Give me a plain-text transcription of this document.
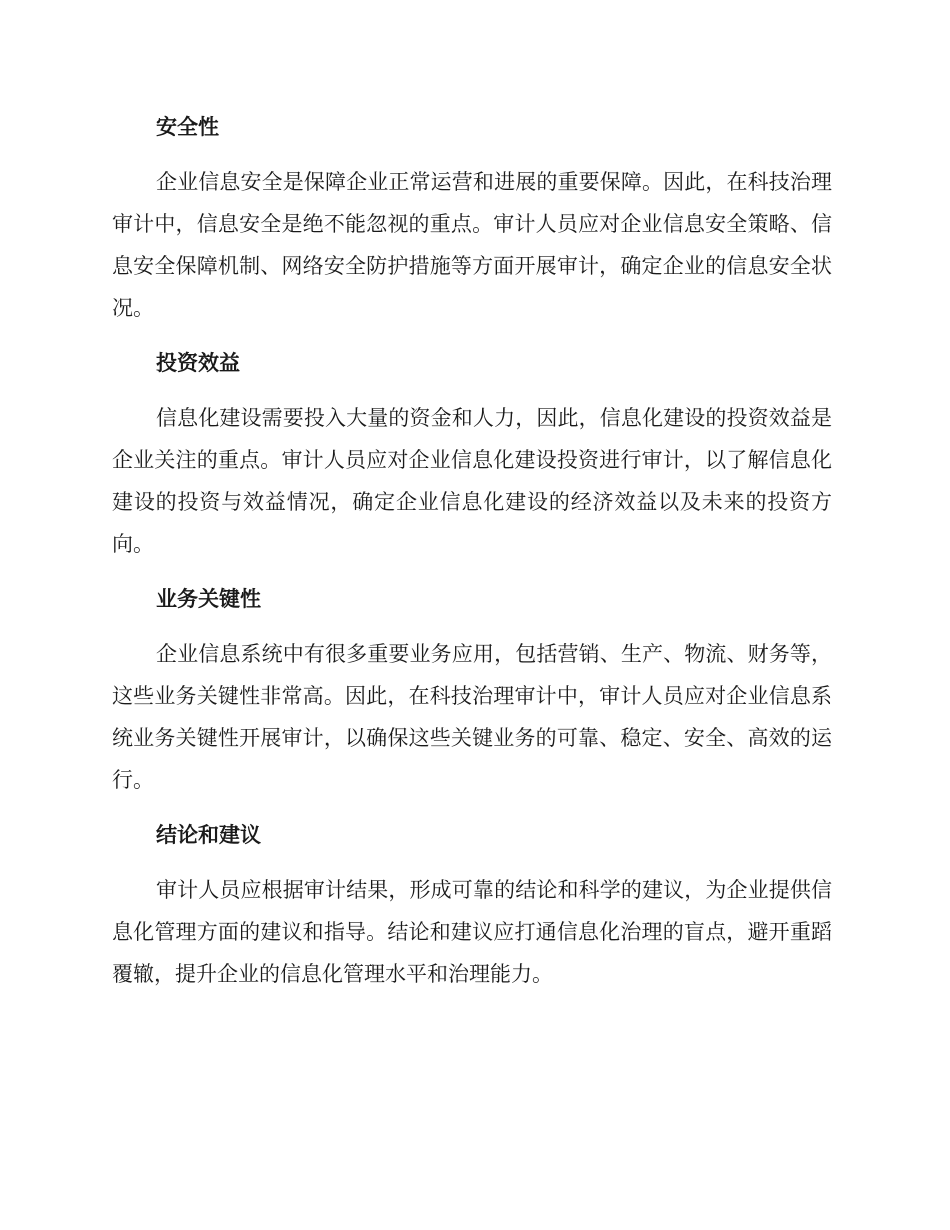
安全性

企业信息安全是保障企业正常运营和进展的重要保障。因此，在科技治理审计中，信息安全是绝不能忽视的重点。审计人员应对企业信息安全策略、信息安全保障机制、网络安全防护措施等方面开展审计，确定企业的信息安全状况。

投资效益

信息化建设需要投入大量的资金和人力，因此，信息化建设的投资效益是企业关注的重点。审计人员应对企业信息化建设投资进行审计，以了解信息化建设的投资与效益情况，确定企业信息化建设的经济效益以及未来的投资方向。

业务关键性

企业信息系统中有很多重要业务应用，包括营销、生产、物流、财务等，这些业务关键性非常高。因此，在科技治理审计中，审计人员应对企业信息系统业务关键性开展审计，以确保这些关键业务的可靠、稳定、安全、高效的运行。

结论和建议

审计人员应根据审计结果，形成可靠的结论和科学的建议，为企业提供信息化管理方面的建议和指导。结论和建议应打通信息化治理的盲点，避开重蹈覆辙，提升企业的信息化管理水平和治理能力。
